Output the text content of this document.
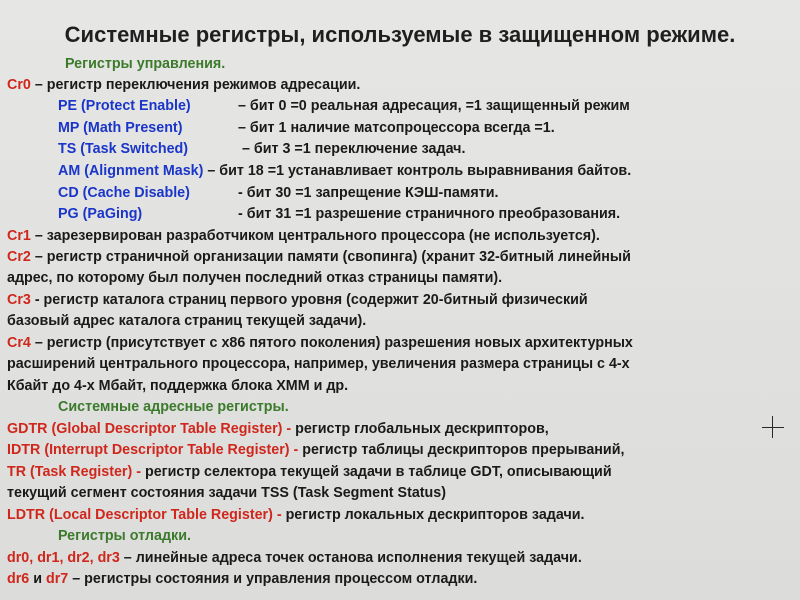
Системные регистры, используемые в защищенном режиме.
Регистры управления.
Cr0 – регистр переключения режимов адресации.
PE (Protect Enable)	– бит 0 =0 реальная адресация, =1 защищенный режим
MP (Math Present)	– бит 1 наличие матсопроцессора всегда =1.
TS (Task Switched)	– бит 3 =1 переключение задач.
AM (Alignment Mask) – бит 18 =1 устанавливает контроль выравнивания байтов.
CD (Cache Disable)	- бит 30 =1 запрещение КЭШ-памяти.
PG (PaGing)	- бит 31 =1 разрешение страничного преобразования.
Cr1 – зарезервирован разработчиком центрального процессора (не используется).
Cr2 – регистр страничной организации памяти (свопинга) (хранит 32-битный линейный
адрес, по которому был получен последний отказ страницы памяти).
Cr3 - регистр каталога страниц первого уровня (содержит 20-битный физический
базовый адрес каталога страниц текущей задачи).
Cr4 – регистр (присутствует с x86 пятого поколения) разрешения новых архитектурных
расширений центрального процессора, например, увеличения размера страницы с 4-х
Кбайт до 4-х Мбайт, поддержка блока XMM и др.
Системные адресные регистры.
GDTR (Global Descriptor Table Register) - регистр глобальных дескрипторов,
IDTR (Interrupt Descriptor Table Register) - регистр таблицы дескрипторов прерываний,
TR (Task Register) - регистр селектора текущей задачи в таблице GDT, описывающий
текущий сегмент состояния задачи TSS (Task Segment Status)
LDTR (Local Descriptor Table Register) - регистр локальных дескрипторов задачи.
Регистры отладки.
dr0, dr1, dr2, dr3 – линейные адреса точек останова исполнения текущей задачи.
dr6 и dr7 – регистры состояния и управления процессом отладки.
